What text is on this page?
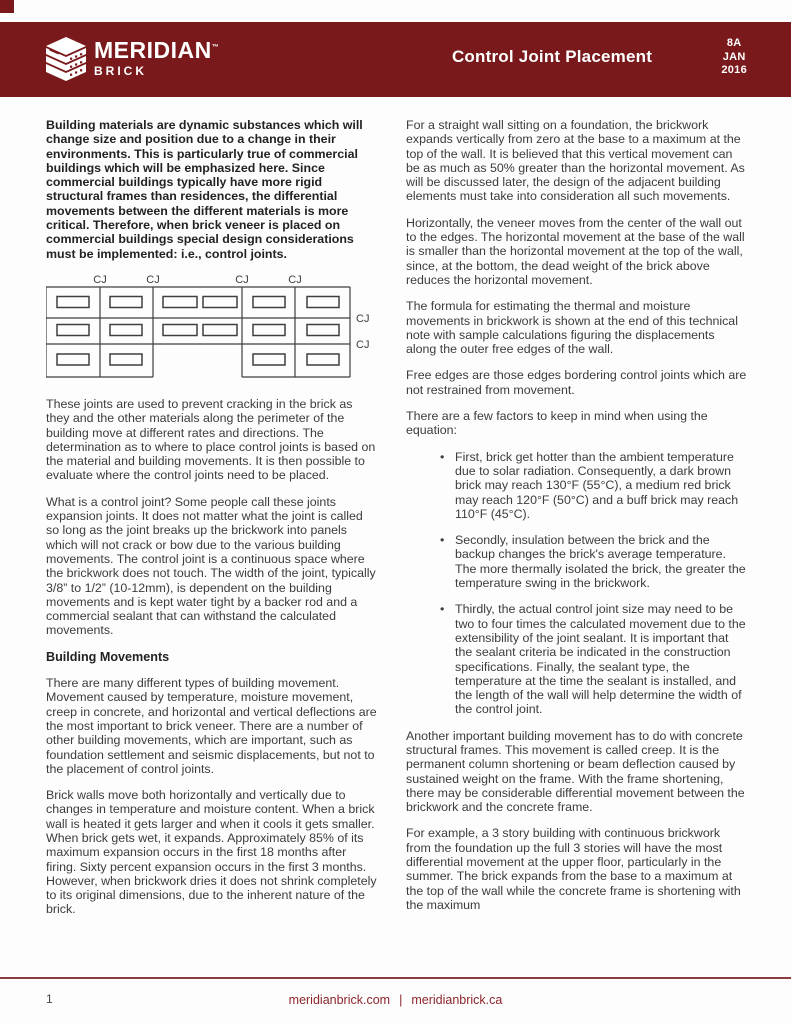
MERIDIAN™
BRICK
Control Joint Placement
8A
JAN
2016

Building materials are dynamic substances which will change size and position due to a change in their environments. This is particularly true of commercial buildings which will be emphasized here. Since commercial buildings typically have more rigid structural frames than residences, the differential movements between the different materials is more critical. Therefore, when brick veneer is placed on commercial buildings special design considerations must be implemented: i.e., control joints.

CJ	CJ	CJ	CJ
CJ
CJ

These joints are used to prevent cracking in the brick as they and the other materials along the perimeter of the building move at different rates and directions. The determination as to where to place control joints is based on the material and building movements. It is then possible to evaluate where the control joints need to be placed.

What is a control joint? Some people call these joints expansion joints. It does not matter what the joint is called so long as the joint breaks up the brickwork into panels which will not crack or bow due to the various building movements. The control joint is a continuous space where the brickwork does not touch. The width of the joint, typically 3/8” to 1/2” (10-12mm), is dependent on the building movements and is kept water tight by a backer rod and a commercial sealant that can withstand the calculated movements.

Building Movements

There are many different types of building movement. Movement caused by temperature, moisture movement, creep in concrete, and horizontal and vertical deflections are the most important to brick veneer. There are a number of other building movements, which are important, such as foundation settlement and seismic displacements, but not to the placement of control joints.

Brick walls move both horizontally and vertically due to changes in temperature and moisture content. When a brick wall is heated it gets larger and when it cools it gets smaller. When brick gets wet, it expands. Approximately 85% of its maximum expansion occurs in the first 18 months after firing. Sixty percent expansion occurs in the first 3 months. However, when brickwork dries it does not shrink completely to its original dimensions, due to the inherent nature of the brick.

For a straight wall sitting on a foundation, the brickwork expands vertically from zero at the base to a maximum at the top of the wall. It is believed that this vertical movement can be as much as 50% greater than the horizontal movement. As will be discussed later, the design of the adjacent building elements must take into consideration all such movements.

Horizontally, the veneer moves from the center of the wall out to the edges. The horizontal movement at the base of the wall is smaller than the horizontal movement at the top of the wall, since, at the bottom, the dead weight of the brick above reduces the horizontal movement.

The formula for estimating the thermal and moisture movements in brickwork is shown at the end of this technical note with sample calculations figuring the displacements along the outer free edges of the wall.

Free edges are those edges bordering control joints which are not restrained from movement.

There are a few factors to keep in mind when using the equation:

• First, brick get hotter than the ambient temperature due to solar radiation. Consequently, a dark brown brick may reach 130°F (55°C), a medium red brick may reach 120°F (50°C) and a buff brick may reach 110°F (45°C).
• Secondly, insulation between the brick and the backup changes the brick's average temperature. The more thermally isolated the brick, the greater the temperature swing in the brickwork.
• Thirdly, the actual control joint size may need to be two to four times the calculated movement due to the extensibility of the joint sealant. It is important that the sealant criteria be indicated in the construction specifications. Finally, the sealant type, the temperature at the time the sealant is installed, and the length of the wall will help determine the width of the control joint.

Another important building movement has to do with concrete structural frames. This movement is called creep. It is the permanent column shortening or beam deflection caused by sustained weight on the frame. With the frame shortening, there may be considerable differential movement between the brickwork and the concrete frame.

For example, a 3 story building with continuous brickwork from the foundation up the full 3 stories will have the most differential movement at the upper floor, particularly in the summer. The brick expands from the base to a maximum at the top of the wall while the concrete frame is shortening with the maximum

1	meridianbrick.com | meridianbrick.ca
